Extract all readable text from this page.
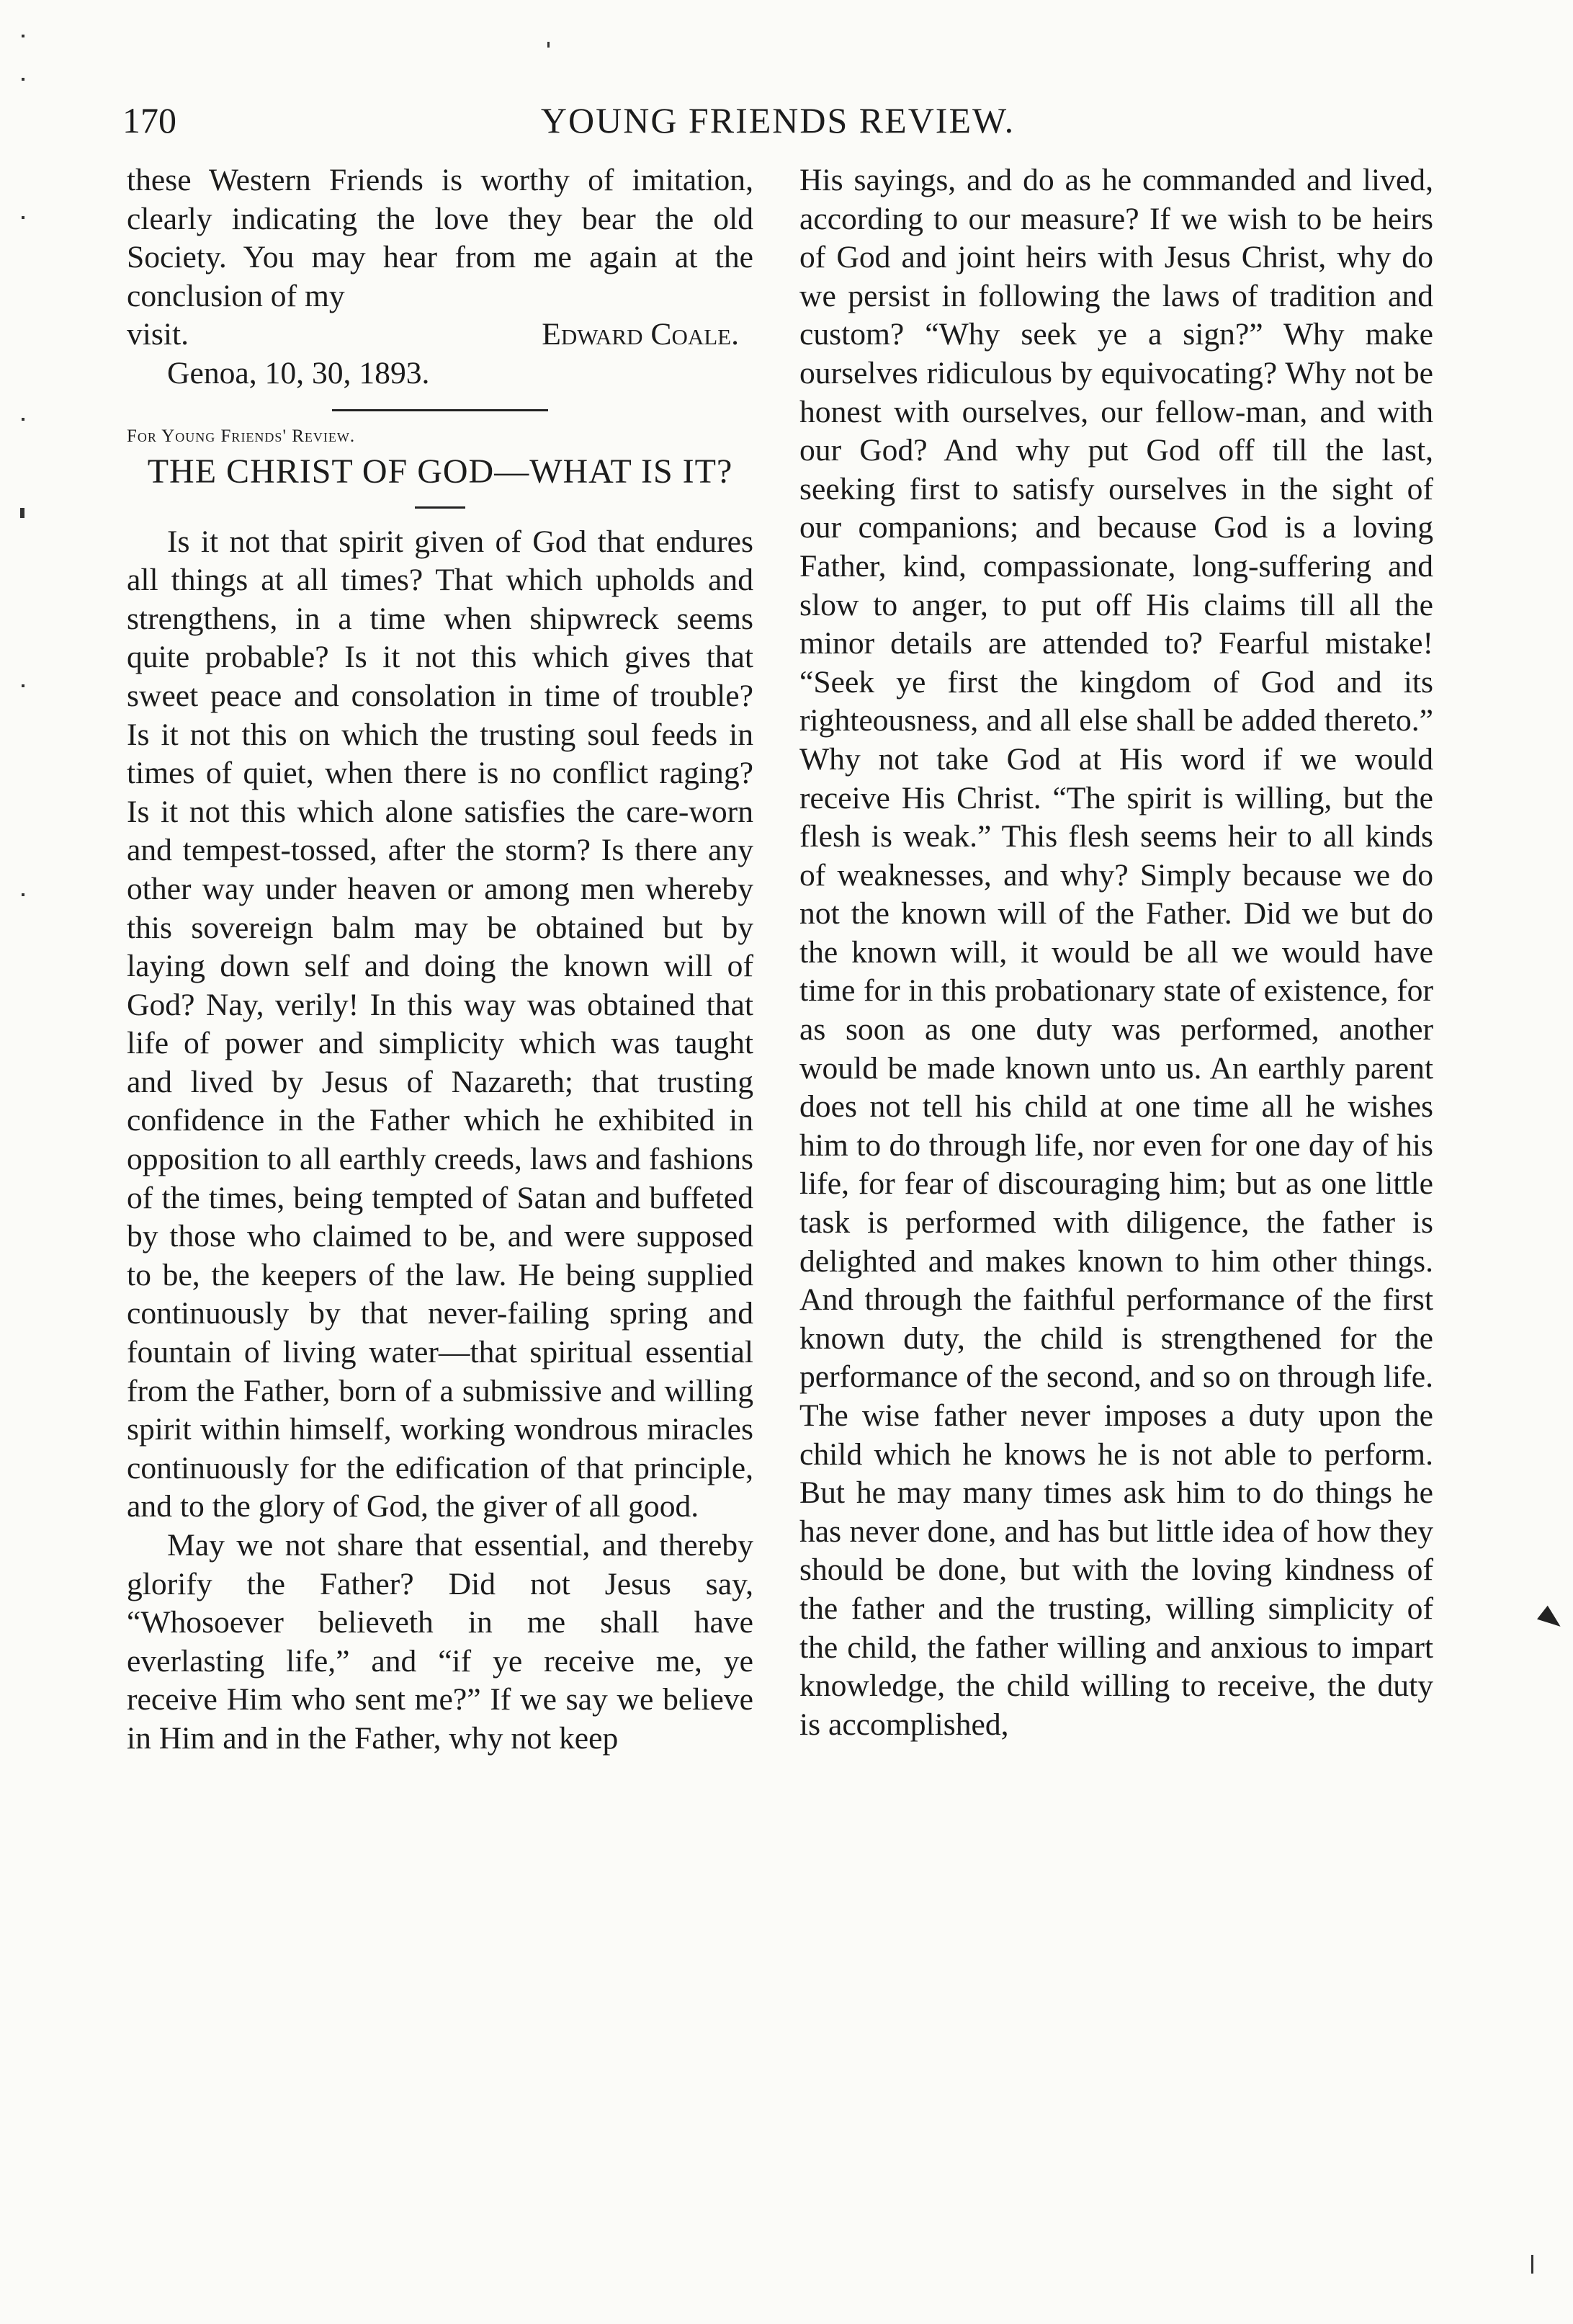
170	YOUNG FRIENDS REVIEW.

these Western Friends is worthy of imitation, clearly indicating the love they bear the old Society. You may hear from me again at the conclusion of my

visit.	Edward Coale.

Genoa, 10, 30, 1893.

For Young Friends' Review.
THE CHRIST OF GOD—WHAT IS IT?

Is it not that spirit given of God that endures all things at all times? That which upholds and strengthens, in a time when shipwreck seems quite probable? Is it not this which gives that sweet peace and consolation in time of trouble? Is it not this on which the trusting soul feeds in times of quiet, when there is no conflict raging? Is it not this which alone satisfies the care-worn and tempest-tossed, after the storm? Is there any other way under heaven or among men whereby this sovereign balm may be obtained but by laying down self and doing the known will of God? Nay, verily! In this way was obtained that life of power and simplicity which was taught and lived by Jesus of Nazareth; that trusting confidence in the Father which he exhibited in opposition to all earthly creeds, laws and fashions of the times, being tempted of Satan and buffeted by those who claimed to be, and were supposed to be, the keepers of the law. He being supplied continuously by that never-failing spring and fountain of living water—that spiritual essential from the Father, born of a submissive and willing spirit within himself, working wondrous miracles continuously for the edification of that principle, and to the glory of God, the giver of all good.

May we not share that essential, and thereby glorify the Father? Did not Jesus say, “Whosoever believeth in me shall have everlasting life,” and “if ye receive me, ye receive Him who sent me?” If we say we believe in Him and in the Father, why not keep

His sayings, and do as he commanded and lived, according to our measure? If we wish to be heirs of God and joint heirs with Jesus Christ, why do we persist in following the laws of tradition and custom? “Why seek ye a sign?” Why make ourselves ridiculous by equivocating? Why not be honest with ourselves, our fellow-man, and with our God? And why put God off till the last, seeking first to satisfy ourselves in the sight of our companions; and because God is a loving Father, kind, compassionate, long-suffering and slow to anger, to put off His claims till all the minor details are attended to? Fearful mistake! “Seek ye first the kingdom of God and its righteousness, and all else shall be added thereto.” Why not take God at His word if we would receive His Christ. “The spirit is willing, but the flesh is weak.” This flesh seems heir to all kinds of weaknesses, and why? Simply because we do not the known will of the Father. Did we but do the known will, it would be all we would have time for in this probationary state of existence, for as soon as one duty was performed, another would be made known unto us. An earthly parent does not tell his child at one time all he wishes him to do through life, nor even for one day of his life, for fear of discouraging him; but as one little task is performed with diligence, the father is delighted and makes known to him other things. And through the faithful performance of the first known duty, the child is strengthened for the performance of the second, and so on through life. The wise father never imposes a duty upon the child which he knows he is not able to perform. But he may many times ask him to do things he has never done, and has but little idea of how they should be done, but with the loving kindness of the father and the trusting, willing simplicity of the child, the father willing and anxious to impart knowledge, the child willing to receive, the duty is accomplished,
